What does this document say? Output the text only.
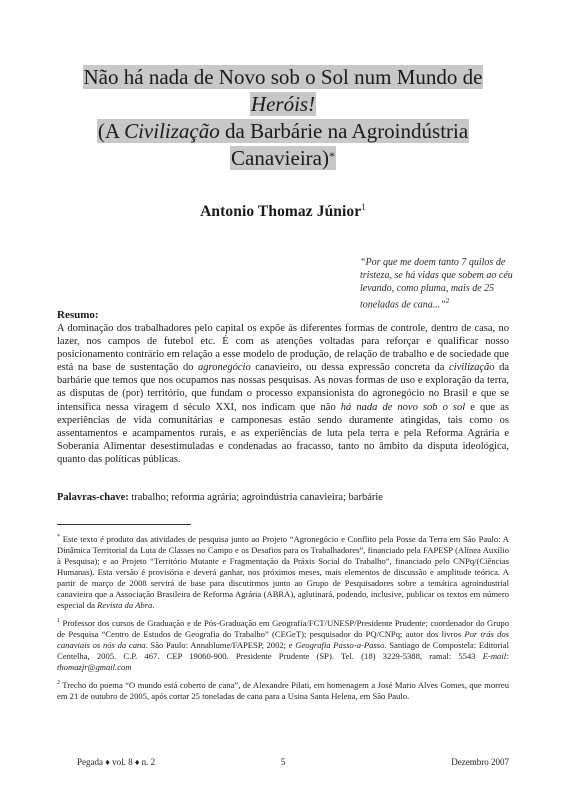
Não há nada de Novo sob o Sol num Mundo de
Heróis!
(A Civilização da Barbárie na Agroindústria
Canavieira)*
Antonio Thomaz Júnior$^1$
“Por que me doem tanto 7 quilos de tristeza, se há vidas que sobem ao céu levando, como pluma, mais de 25 toneladas de cana...”$^2$
Resumo:
A dominação dos trabalhadores pelo capital os expõe às diferentes formas de controle, dentro de casa, no lazer, nos campos de futebol etc. É com as atenções voltadas para reforçar e qualificar nosso posicionamento contrário em relação a esse modelo de produção, de relação de trabalho e de sociedade que está na base de sustentação do agronegócio canavieiro, ou dessa expressão concreta da civilização da barbárie que temos que nos ocupamos nas nossas pesquisas. As novas formas de uso e exploração da terra, as disputas de (por) território, que fundam o processo expansionista do agronegócio no Brasil e que se intensifica nessa viragem d século XXI, nos indicam que não há nada de novo sob o sol e que as experiências de vida comunitárias e camponesas estão sendo duramente atingidas, tais como os assentamentos e acampamentos rurais, e as experiências de luta pela terra e pela Reforma Agrária e Soberania Alimentar desestimuladas e condenadas ao fracasso, tanto no âmbito da disputa ideológica, quanto das políticas públicas.
Palavras-chave: trabalho; reforma agrária; agroindústria canavieira; barbárie

* Este texto é produto das atividades de pesquisa junto ao Projeto “Agronegócio e Conflito pela Posse da Terra em São Paulo: A Dinâmica Territorial da Luta de Classes no Campo e os Desafios para os Trabalhadores”, financiado pela FAPESP (Alínea Auxílio à Pesquisa); e ao Projeto “Território Mutante e Fragmentação da Práxis Social do Trabalho”, financiado pelo CNPq/(Ciências Humanas). Esta versão é provisória e deverá ganhar, nos próximos meses, mais elementos de discussão e amplitude teórica. A partir de março de 2008 servirá de base para discutirmos junto ao Grupo de Pesquisadores sobre a temática agroindustrial canavieira que a Associação Brasileira de Reforma Agrária (ABRA), aglutinará, podendo, inclusive, publicar os textos em número especial da Revista da Abra.

$^1$ Professor dos cursos de Graduação e de Pós-Graduação em Geografia/FCT/UNESP/Presidente Prudente; coordenador do Grupo de Pesquisa “Centro de Estudos de Geografia do Trabalho” (CEGeT); pesquisador do PQ/CNPq; autor dos livros Por trás dos canaviais os nós da cana. São Paulo: Annablume/FAPESP, 2002; e Geografia Passo-a-Passo. Santiago de Compostela: Editorial Centelha, 2005. C.P. 467. CEP 19060-900. Presidente Prudente (SP). Tel. (18) 3229-5388, ramal: 5543 E-mail: thomazjr@gmail.com

$^2$ Trecho do poema “O mundo está coberto de cana”, de Alexandre Pilati, em homenagem a José Mario Alves Gomes, que morreu em 21 de outubro de 2005, após cortar 25 toneladas de cana para a Usina Santa Helena, em São Paulo.

Pegada ♦ vol. 8 ♦ n. 2	5	Dezembro 2007
